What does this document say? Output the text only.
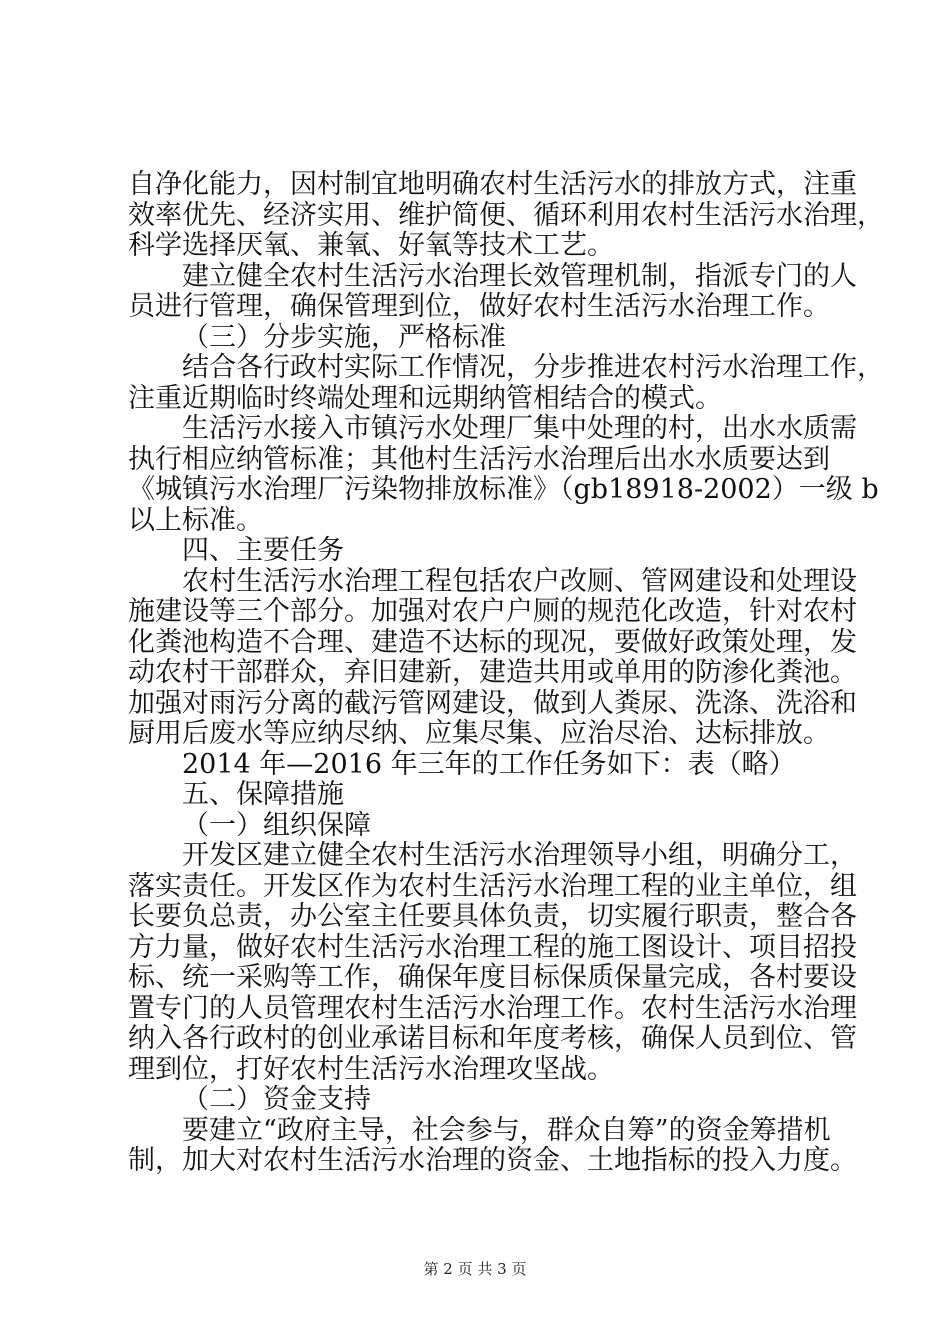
自净化能力，因村制宜地明确农村生活污水的排放方式，注重
效率优先、经济实用、维护简便、循环利用农村生活污水治理，
科学选择厌氧、兼氧、好氧等技术工艺。
建立健全农村生活污水治理长效管理机制，指派专门的人
员进行管理，确保管理到位，做好农村生活污水治理工作。
（三）分步实施，严格标准
结合各行政村实际工作情况，分步推进农村污水治理工作，
注重近期临时终端处理和远期纳管相结合的模式。
生活污水接入市镇污水处理厂集中处理的村，出水水质需
执行相应纳管标准；其他村生活污水治理后出水水质要达到
《城镇污水治理厂污染物排放标准》（gb18918-2002）一级 b
以上标准。
四、主要任务
农村生活污水治理工程包括农户改厕、管网建设和处理设
施建设等三个部分。加强对农户户厕的规范化改造，针对农村
化粪池构造不合理、建造不达标的现况，要做好政策处理，发
动农村干部群众，弃旧建新，建造共用或单用的防渗化粪池。
加强对雨污分离的截污管网建设，做到人粪尿、洗涤、洗浴和
厨用后废水等应纳尽纳、应集尽集、应治尽治、达标排放。
2014 年—2016 年三年的工作任务如下：表（略）
五、保障措施
（一）组织保障
开发区建立健全农村生活污水治理领导小组，明确分工，
落实责任。开发区作为农村生活污水治理工程的业主单位，组
长要负总责，办公室主任要具体负责，切实履行职责，整合各
方力量，做好农村生活污水治理工程的施工图设计、项目招投
标、统一采购等工作，确保年度目标保质保量完成，各村要设
置专门的人员管理农村生活污水治理工作。农村生活污水治理
纳入各行政村的创业承诺目标和年度考核，确保人员到位、管
理到位，打好农村生活污水治理攻坚战。
（二）资金支持
要建立“政府主导，社会参与，群众自筹”的资金筹措机
制，加大对农村生活污水治理的资金、土地指标的投入力度。
第 2 页 共 3 页
